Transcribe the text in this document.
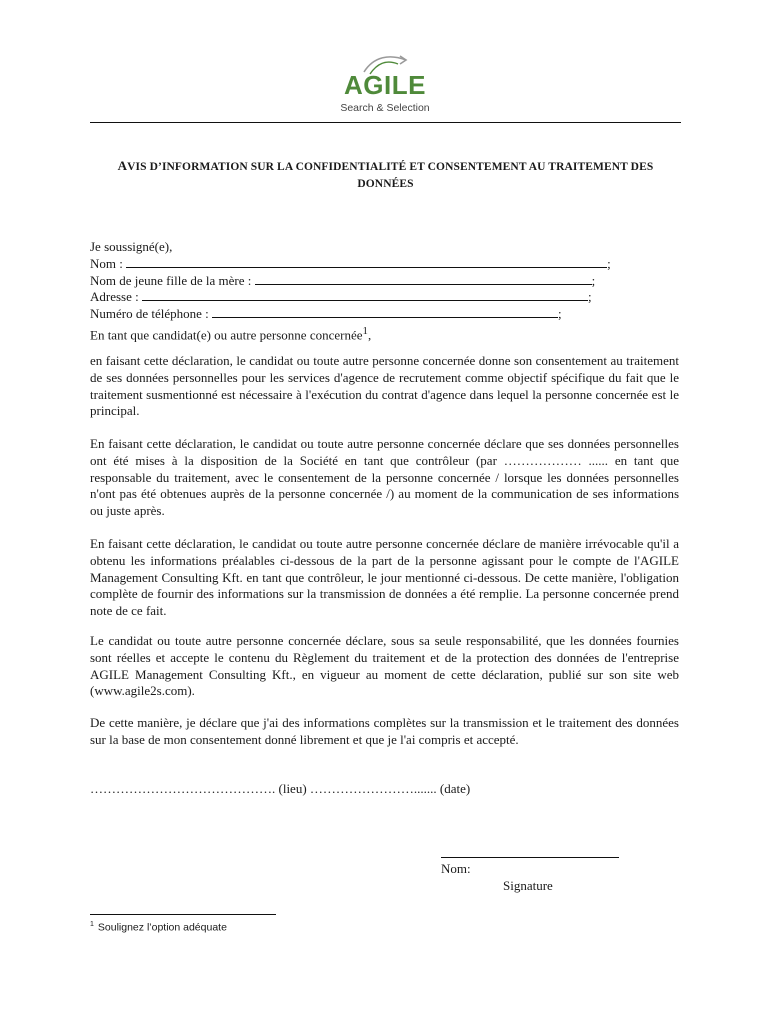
AGILE
Search & Selection
AVIS D’INFORMATION SUR LA CONFIDENTIALITÉ ET CONSENTEMENT AU TRAITEMENT DES
DONNÉES
Je soussigné(e),
Nom :	;
Nom de jeune fille de la mère :	;
Adresse :	;
Numéro de téléphone :	;
En tant que candidat(e) ou autre personne concernée$^1$,

en faisant cette déclaration, le candidat ou toute autre personne concernée donne son consentement au traitement de ses données personnelles pour les services d'agence de recrutement comme objectif spécifique du fait que le traitement susmentionné est nécessaire à l'exécution du contrat d'agence dans lequel la personne concernée est le principal.

En faisant cette déclaration, le candidat ou toute autre personne concernée déclare que ses données personnelles ont été mises à la disposition de la Société en tant que contrôleur (par ……………… ...... en tant que responsable du traitement, avec le consentement de la personne concernée / lorsque les données personnelles n'ont pas été obtenues auprès de la personne concernée /) au moment de la communication de ses informations ou juste après.

En faisant cette déclaration, le candidat ou toute autre personne concernée déclare de manière irrévocable qu'il a obtenu les informations préalables ci-dessous de la part de la personne agissant pour le compte de l'AGILE Management Consulting Kft. en tant que contrôleur, le jour mentionné ci-dessous. De cette manière, l'obligation complète de fournir des informations sur la transmission de données a été remplie. La personne concernée prend note de ce fait.

Le candidat ou toute autre personne concernée déclare, sous sa seule responsabilité, que les données fournies sont réelles et accepte le contenu du Règlement du traitement et de la protection des données de l'entreprise AGILE Management Consulting Kft., en vigueur au moment de cette déclaration, publié sur son site web (www.agile2s.com).

De cette manière, je déclare que j'ai des informations complètes sur la transmission et le traitement des données sur la base de mon consentement donné librement et que je l'ai compris et accepté.

……………………………………. (lieu) ……………………....... (date)

Nom:
Signature
$^1$ Soulignez l’option adéquate
